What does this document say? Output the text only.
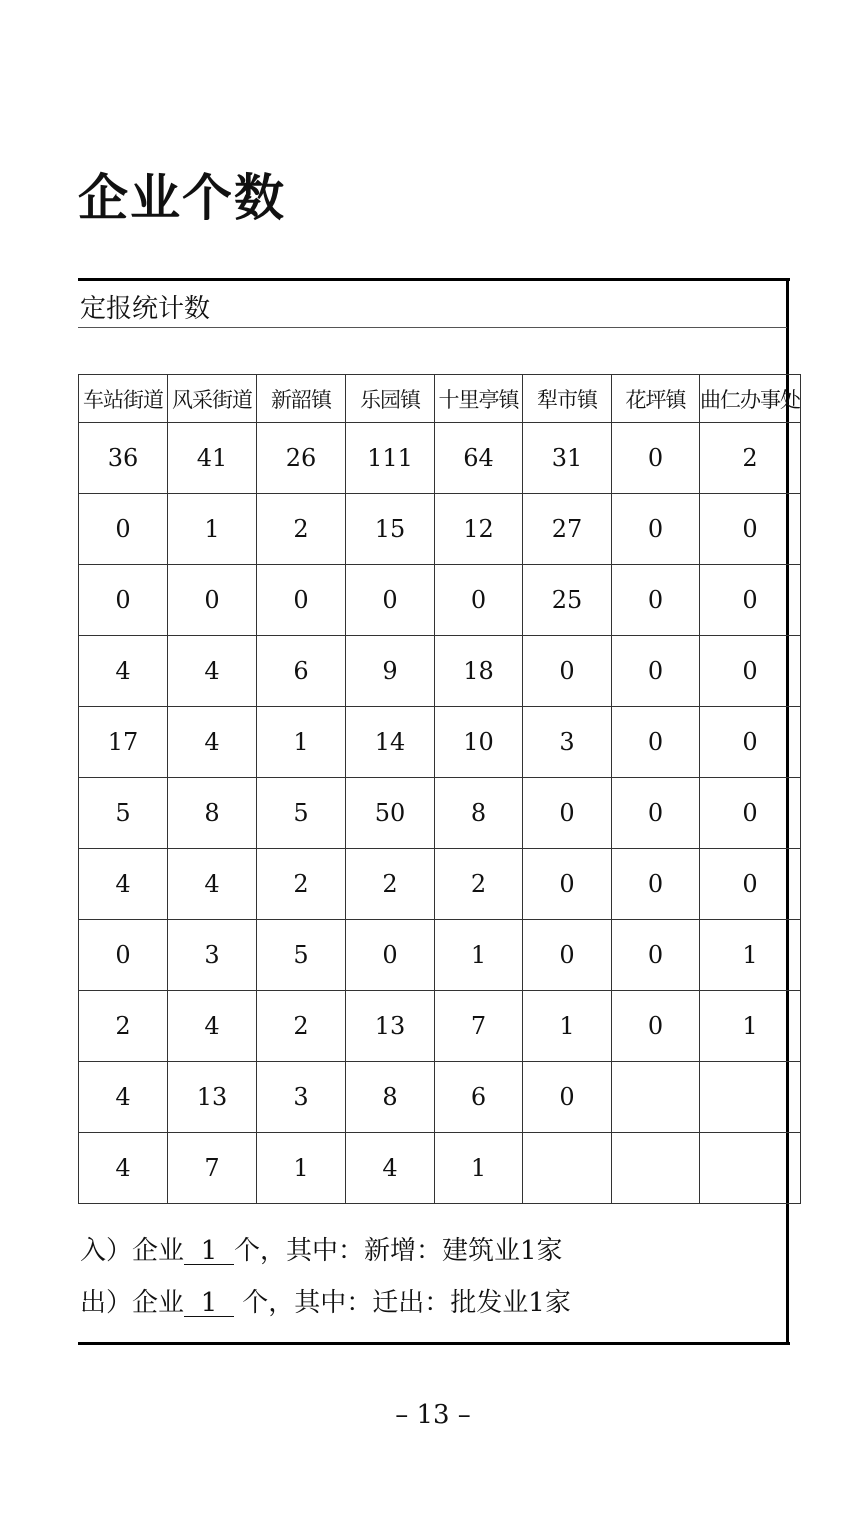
企业个数
定报统计数
车站街道	风采街道	新韶镇	乐园镇	十里亭镇	犁市镇	花坪镇	曲仁办事处
36	41	26	111	64	31	0	2
0	1	2	15	12	27	0	0
0	0	0	0	0	25	0	0
4	4	6	9	18	0	0	0
17	4	1	14	10	3	0	0
5	8	5	50	8	0	0	0
4	4	2	2	2	0	0	0
0	3	5	0	1	0	0	1
2	4	2	13	7	1	0	1
4	13	3	8	6	0		
4	7	1	4	1			
入）企业 1 个，其中：新增：建筑业1家
出）企业 1 个，其中：迁出：批发业1家
– 13 –
